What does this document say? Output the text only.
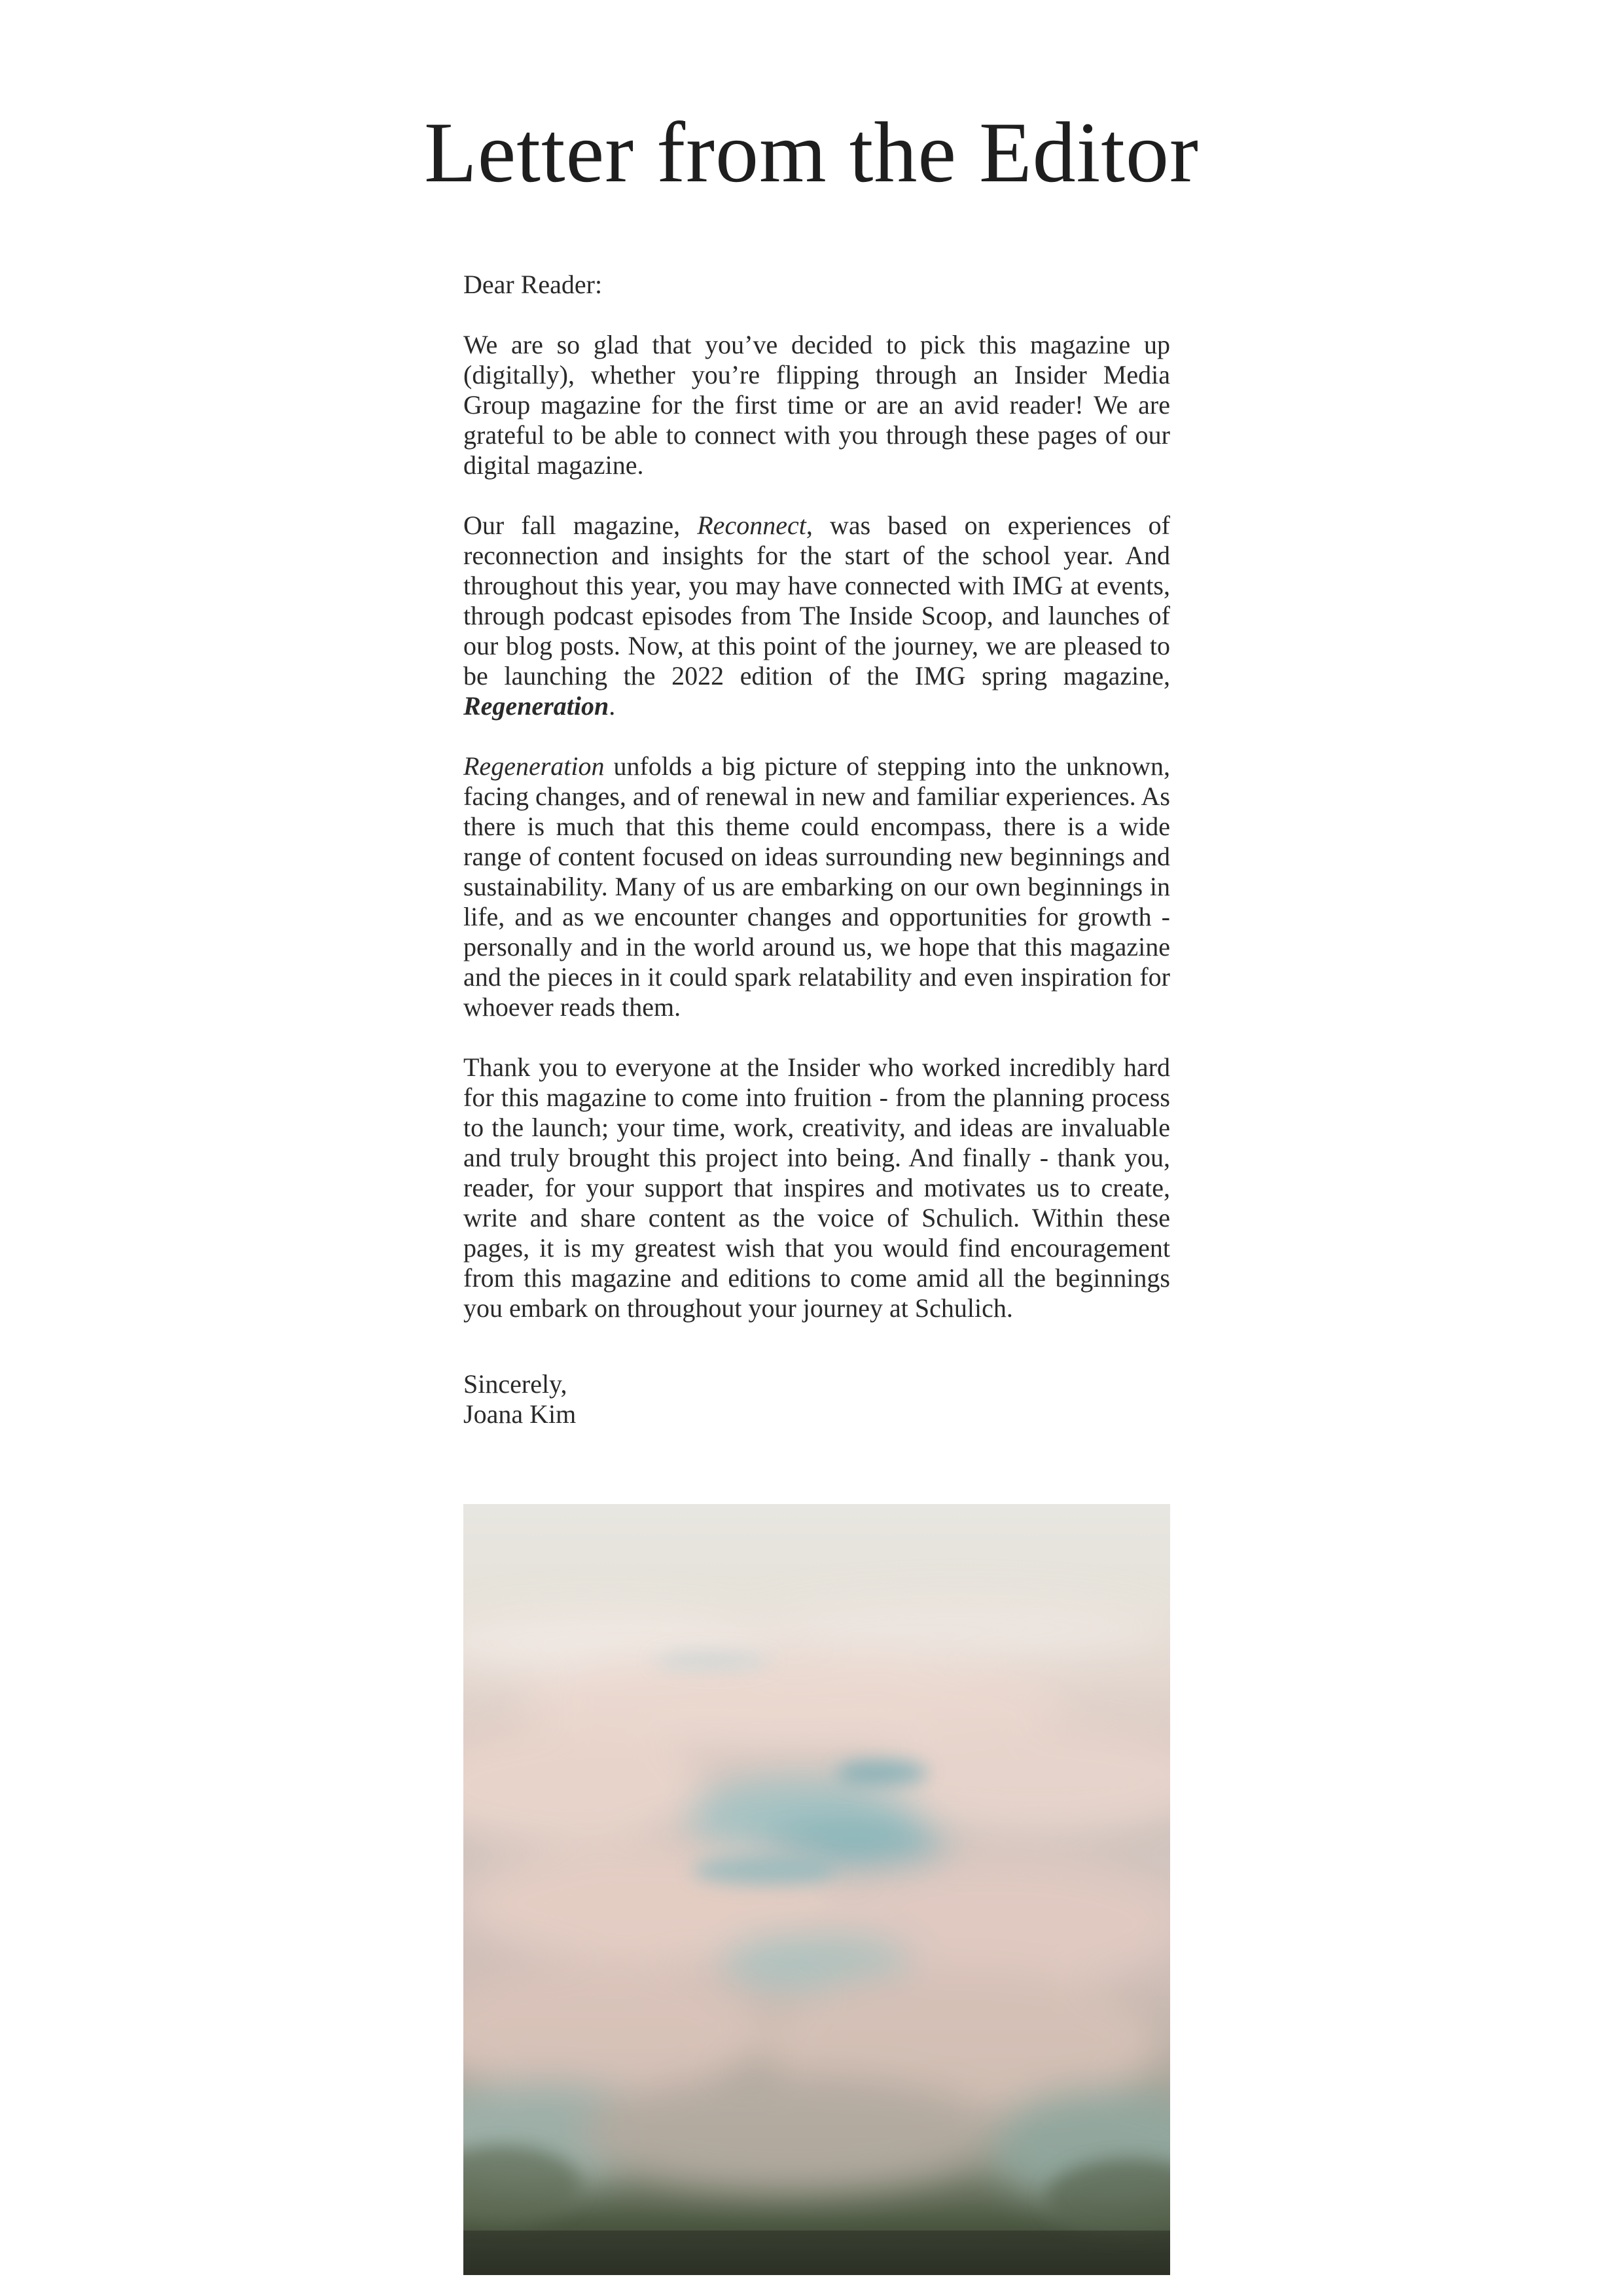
Letter from the Editor

Dear Reader:

We are so glad that you’ve decided to pick this magazine up (digitally), whether you’re flipping through an Insider Media Group magazine for the first time or are an avid reader! We are grateful to be able to connect with you through these pages of our digital magazine.

Our fall magazine, Reconnect, was based on experiences of reconnection and insights for the start of the school year. And throughout this year, you may have connected with IMG at events, through podcast episodes from The Inside Scoop, and launches of our blog posts. Now, at this point of the journey, we are pleased to be launching the 2022 edition of the IMG spring magazine, Regeneration.

Regeneration unfolds a big picture of stepping into the unknown, facing changes, and of renewal in new and familiar experiences. As there is much that this theme could encompass, there is a wide range of content focused on ideas surrounding new beginnings and sustainability. Many of us are embarking on our own beginnings in life, and as we encounter changes and opportunities for growth - personally and in the world around us, we hope that this magazine and the pieces in it could spark relatability and even inspiration for whoever reads them.

Thank you to everyone at the Insider who worked incredibly hard for this magazine to come into fruition - from the planning process to the launch; your time, work, creativity, and ideas are invaluable and truly brought this project into being. And finally - thank you, reader, for your support that inspires and motivates us to create, write and share content as the voice of Schulich. Within these pages, it is my greatest wish that you would find encouragement from this magazine and editions to come amid all the beginnings you embark on throughout your journey at Schulich.

Sincerely,
Joana Kim
